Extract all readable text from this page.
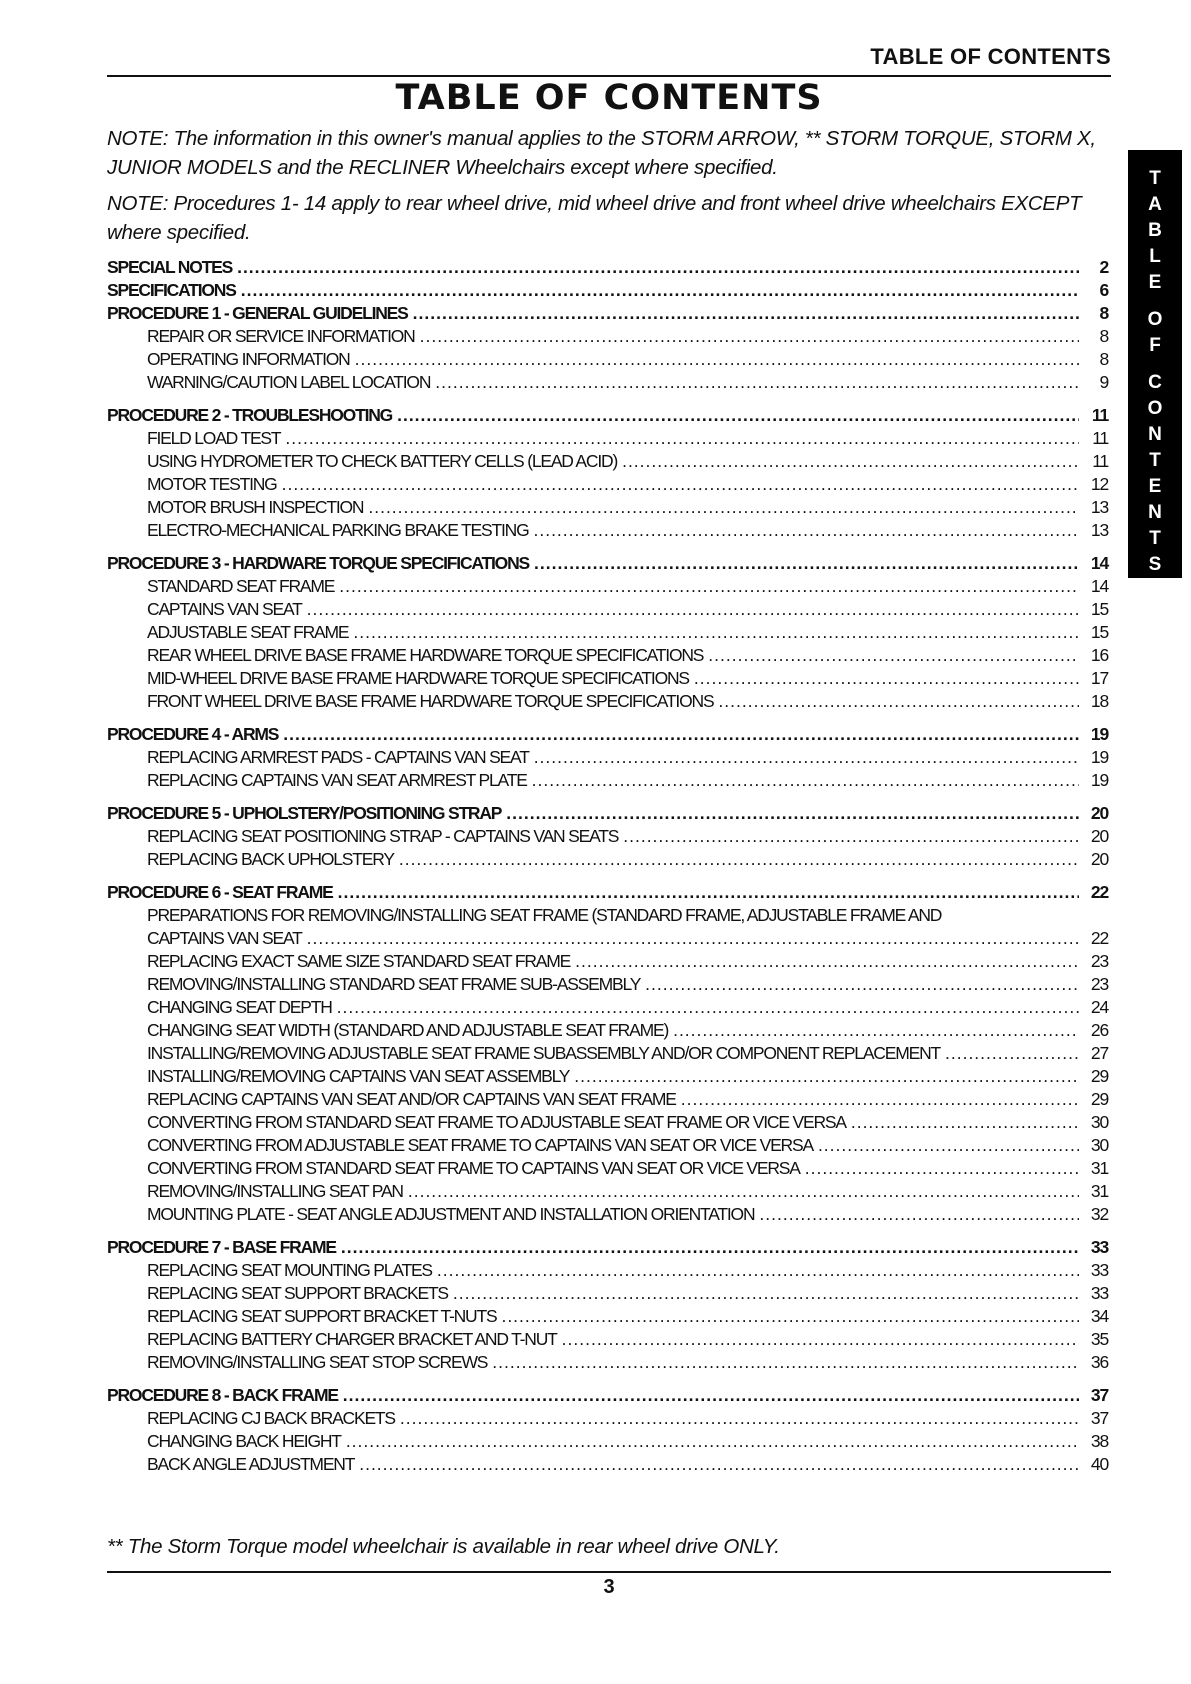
TABLE OF CONTENTS
TABLE OF CONTENTS
NOTE: The information in this owner's manual applies to the STORM ARROW, ** STORM TORQUE, STORM X, JUNIOR MODELS and the RECLINER Wheelchairs except where specified.
NOTE: Procedures 1- 14 apply to rear wheel drive, mid wheel drive and front wheel drive wheelchairs EXCEPT where specified.
SPECIAL NOTES .....	2
SPECIFICATIONS .....	6
PROCEDURE 1 - GENERAL GUIDELINES .....	8
REPAIR OR SERVICE INFORMATION .....	8
OPERATING INFORMATION .....	8
WARNING/CAUTION LABEL LOCATION .....	9
PROCEDURE 2 - TROUBLESHOOTING .....	11
FIELD LOAD TEST .....	11
USING HYDROMETER TO CHECK BATTERY CELLS (LEAD ACID) .....	11
MOTOR TESTING .....	12
MOTOR BRUSH INSPECTION .....	13
ELECTRO-MECHANICAL PARKING BRAKE TESTING .....	13
PROCEDURE 3 - HARDWARE TORQUE SPECIFICATIONS .....	14
STANDARD SEAT FRAME .....	14
CAPTAINS VAN SEAT .....	15
ADJUSTABLE SEAT FRAME .....	15
REAR WHEEL DRIVE BASE FRAME HARDWARE TORQUE SPECIFICATIONS .....	16
MID-WHEEL DRIVE BASE FRAME HARDWARE TORQUE SPECIFICATIONS .....	17
FRONT WHEEL DRIVE BASE FRAME HARDWARE TORQUE SPECIFICATIONS .....	18
PROCEDURE 4 - ARMS .....	19
REPLACING ARMREST PADS - CAPTAINS VAN SEAT .....	19
REPLACING CAPTAINS VAN SEAT ARMREST PLATE .....	19
PROCEDURE 5 - UPHOLSTERY/POSITIONING STRAP .....	20
REPLACING SEAT POSITIONING STRAP - CAPTAINS VAN SEATS .....	20
REPLACING BACK UPHOLSTERY .....	20
PROCEDURE 6 - SEAT FRAME .....	22
PREPARATIONS FOR REMOVING/INSTALLING SEAT FRAME (STANDARD FRAME, ADJUSTABLE FRAME AND
CAPTAINS VAN SEAT .....	22
REPLACING EXACT SAME SIZE STANDARD SEAT FRAME .....	23
REMOVING/INSTALLING STANDARD SEAT FRAME SUB-ASSEMBLY .....	23
CHANGING SEAT DEPTH .....	24
CHANGING SEAT WIDTH (STANDARD AND ADJUSTABLE SEAT FRAME) .....	26
INSTALLING/REMOVING ADJUSTABLE SEAT FRAME SUBASSEMBLY AND/OR COMPONENT REPLACEMENT .....	27
INSTALLING/REMOVING CAPTAINS VAN SEAT ASSEMBLY .....	29
REPLACING CAPTAINS VAN SEAT AND/OR CAPTAINS VAN SEAT FRAME .....	29
CONVERTING FROM STANDARD SEAT FRAME TO ADJUSTABLE SEAT FRAME OR VICE VERSA .....	30
CONVERTING FROM ADJUSTABLE SEAT FRAME TO CAPTAINS VAN SEAT OR VICE VERSA .....	30
CONVERTING FROM STANDARD SEAT FRAME TO CAPTAINS VAN SEAT OR VICE VERSA .....	31
REMOVING/INSTALLING SEAT PAN .....	31
MOUNTING PLATE - SEAT ANGLE ADJUSTMENT AND INSTALLATION ORIENTATION .....	32
PROCEDURE 7 - BASE FRAME .....	33
REPLACING SEAT MOUNTING PLATES .....	33
REPLACING SEAT SUPPORT BRACKETS .....	33
REPLACING SEAT SUPPORT BRACKET T-NUTS .....	34
REPLACING BATTERY CHARGER BRACKET AND T-NUT .....	35
REMOVING/INSTALLING SEAT STOP SCREWS .....	36
PROCEDURE 8 - BACK FRAME .....	37
REPLACING CJ BACK BRACKETS .....	37
CHANGING BACK HEIGHT .....	38
BACK ANGLE ADJUSTMENT .....	40
T
A
B
L
E
O
F
C
O
N
T
E
N
T
S
** The Storm Torque model wheelchair is available in rear wheel drive ONLY.
3
